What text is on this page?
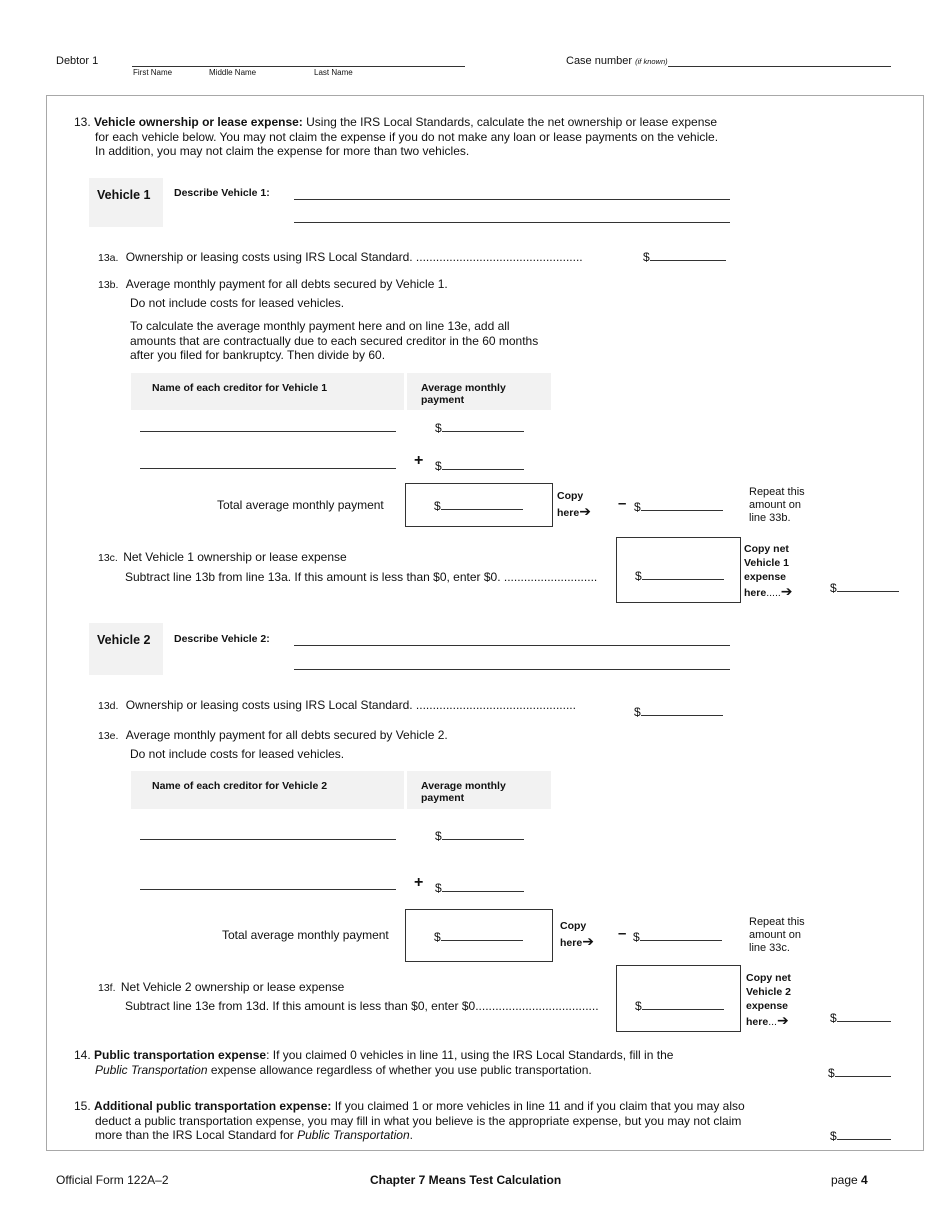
Debtor 1
First Name	Middle Name	Last Name
Case number (if known)
13. Vehicle ownership or lease expense: Using the IRS Local Standards, calculate the net ownership or lease expense
for each vehicle below. You may not claim the expense if you do not make any loan or lease payments on the vehicle.
In addition, you may not claim the expense for more than two vehicles.
Vehicle 1 Describe Vehicle 1:
13a. Ownership or leasing costs using IRS Local Standard. ..................................................	$
13b. Average monthly payment for all debts secured by Vehicle 1.
Do not include costs for leased vehicles.
To calculate the average monthly payment here and on line 13e, add all
amounts that are contractually due to each secured creditor in the 60 months
after you filed for bankruptcy. Then divide by 60.
Name of each creditor for Vehicle 1	Average monthly
payment
$
+ $
Total average monthly payment	$
Copy
here➔ – $
Repeat this
amount on
line 33b.
13c. Net Vehicle 1 ownership or lease expense
Subtract line 13b from line 13a. If this amount is less than $0, enter $0. ............................	$
Copy net
Vehicle 1
expense
here.....➔	$
Vehicle 2 Describe Vehicle 2:
13d. Ownership or leasing costs using IRS Local Standard. ................................................	$
13e. Average monthly payment for all debts secured by Vehicle 2.
Do not include costs for leased vehicles.
Name of each creditor for Vehicle 2	Average monthly
payment
$
+ $
Total average monthly payment	$
Copy
here➔ – $
Repeat this
amount on
line 33c.
13f. Net Vehicle 2 ownership or lease expense
Subtract line 13e from 13d. If this amount is less than $0, enter $0.....................................	$
Copy net
Vehicle 2
expense
here...➔	$
14. Public transportation expense: If you claimed 0 vehicles in line 11, using the IRS Local Standards, fill in the
Public Transportation expense allowance regardless of whether you use public transportation.	$
15. Additional public transportation expense: If you claimed 1 or more vehicles in line 11 and if you claim that you may also
deduct a public transportation expense, you may fill in what you believe is the appropriate expense, but you may not claim
more than the IRS Local Standard for Public Transportation.	$
Official Form 122A–2	Chapter 7 Means Test Calculation	page 4
